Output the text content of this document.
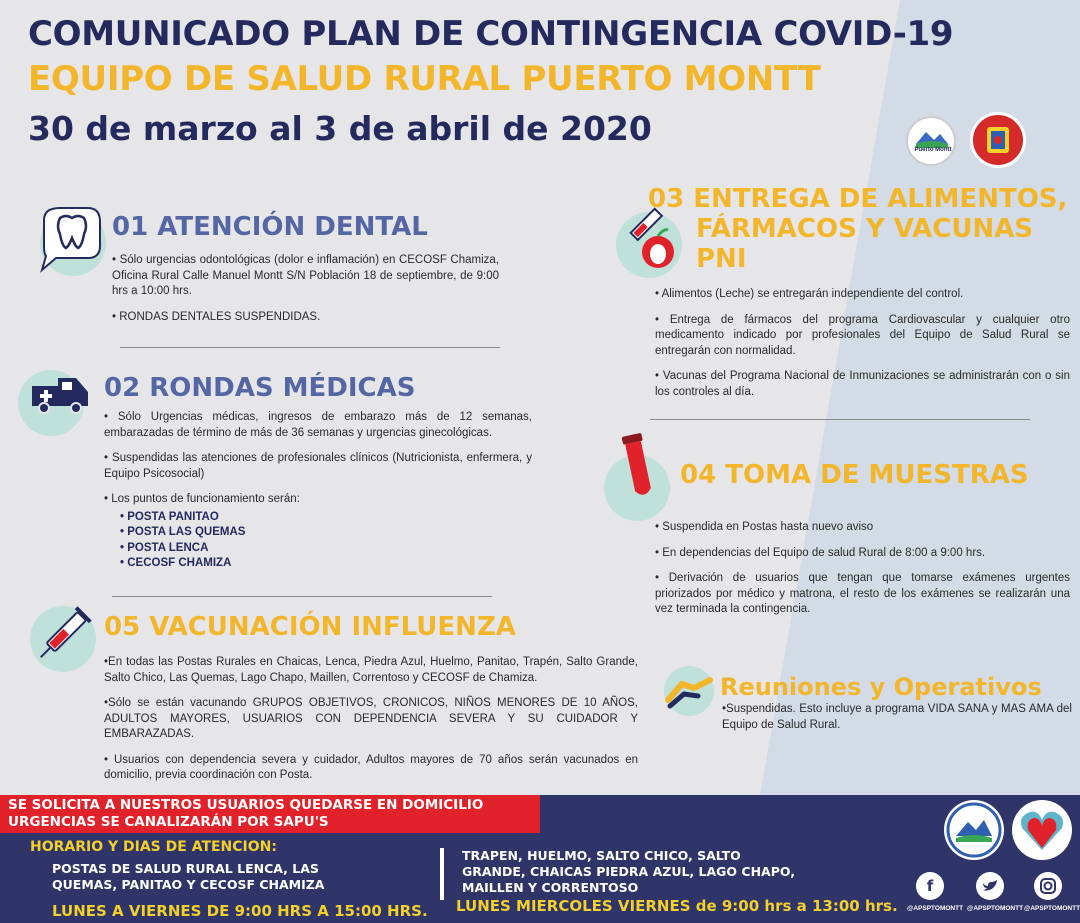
COMUNICADO PLAN DE CONTINGENCIA COVID-19
EQUIPO DE SALUD RURAL PUERTO MONTT
30 de marzo al 3 de abril de 2020
Puerto Montt
01 ATENCIÓN DENTAL

• Sólo urgencias odontológicas (dolor e inflamación) en CECOSF Chamiza, Oficina Rural Calle Manuel Montt S/N Población 18 de septiembre, de 9:00 hrs a 10:00 hrs.

• RONDAS DENTALES SUSPENDIDAS.

02 RONDAS MÉDICAS

• Sólo Urgencias médicas, ingresos de embarazo más de 12 semanas, embarazadas de término de más de 36 semanas y urgencias ginecológicas.

• Suspendidas las atenciones de profesionales clínicos (Nutricionista, enfermera, y Equipo Psicosocial)

• Los puntos de funcionamiento serán:

• POSTA PANITAO
• POSTA LAS QUEMAS
• POSTA LENCA
• CECOSF CHAMIZA
05 VACUNACIÓN INFLUENZA

•En todas las Postas Rurales en Chaicas, Lenca, Piedra Azul, Huelmo, Panitao, Trapén, Salto Grande, Salto Chico, Las Quemas, Lago Chapo, Maillen, Correntoso y CECOSF de Chamiza.

•Sólo se están vacunando GRUPOS OBJETIVOS, CRONICOS, NIÑOS MENORES DE 10 AÑOS, ADULTOS MAYORES, USUARIOS CON DEPENDENCIA SEVERA Y SU CUIDADOR Y EMBARAZADAS.

• Usuarios con dependencia severa y cuidador, Adultos mayores de 70 años serán vacunados en domicilio, previa coordinación con Posta.

03 ENTREGA DE ALIMENTOS,
FÁRMACOS Y VACUNAS
PNI

• Alimentos (Leche) se entregarán independiente del control.

• Entrega de fármacos del programa Cardiovascular y cualquier otro medicamento indicado por profesionales del Equipo de Salud Rural se entregarán con normalidad.

• Vacunas del Programa Nacional de Inmunizaciones se administrarán con o sin los controles al día.

04 TOMA DE MUESTRAS

• Suspendida en Postas hasta nuevo aviso

• En dependencias del Equipo de salud Rural de 8:00 a 9:00 hrs.

• Derivación de usuarios que tengan que tomarse exámenes urgentes priorizados por médico y matrona, el resto de los exámenes se realizarán una vez terminada la contingencia.

Reuniones y Operativos
•Suspendidas. Esto incluye a programa VIDA SANA y MAS AMA del Equipo de Salud Rural.
SE SOLICITA A NUESTROS USUARIOS QUEDARSE EN DOMICILIO
URGENCIAS SE CANALIZARÁN POR SAPU'S
HORARIO Y DIAS DE ATENCION:
POSTAS DE SALUD RURAL LENCA, LAS
QUEMAS, PANITAO Y CECOSF CHAMIZA
LUNES A VIERNES DE 9:00 HRS A 15:00 HRS.
TRAPEN, HUELMO, SALTO CHICO, SALTO
GRANDE, CHAICAS PIEDRA AZUL, LAGO CHAPO,
MAILLEN Y CORRENTOSO
LUNES MIERCOLES VIERNES de 9:00 hrs a 13:00 hrs.
f
@APSPTOMONTT @APSPTOMONTT @APSPTOMONTT
